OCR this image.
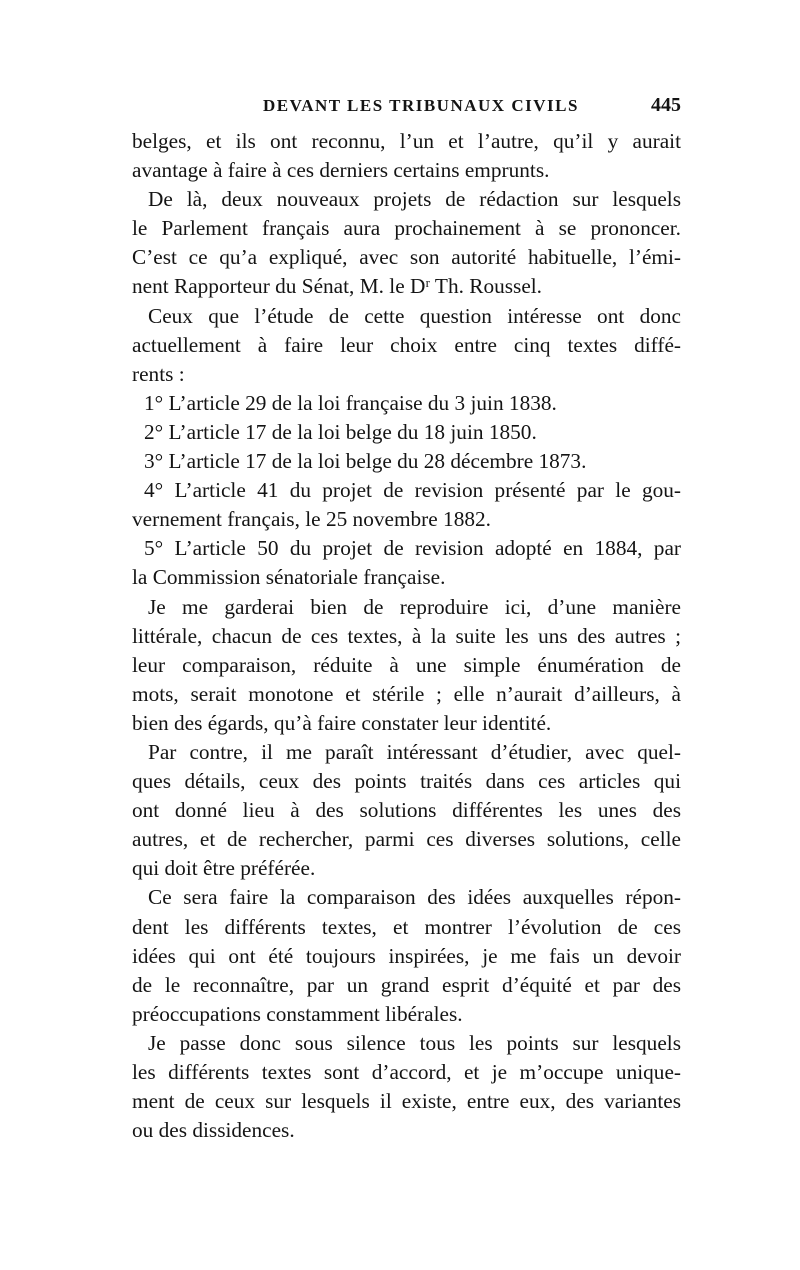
DEVANT LES TRIBUNAUX CIVILS	445
belges, et ils ont reconnu, l’un et l’autre, qu’il y aurait
avantage à faire à ces derniers certains emprunts.
De là, deux nouveaux projets de rédaction sur lesquels
le Parlement français aura prochainement à se prononcer.
C’est ce qu’a expliqué, avec son autorité habituelle, l’émi-
nent Rapporteur du Sénat, M. le Dʳ Th. Roussel.
Ceux que l’étude de cette question intéresse ont donc
actuellement à faire leur choix entre cinq textes diffé-
rents :
1° L’article 29 de la loi française du 3 juin 1838.
2° L’article 17 de la loi belge du 18 juin 1850.
3° L’article 17 de la loi belge du 28 décembre 1873.
4° L’article 41 du projet de revision présenté par le gou-
vernement français, le 25 novembre 1882.
5° L’article 50 du projet de revision adopté en 1884, par
la Commission sénatoriale française.
Je me garderai bien de reproduire ici, d’une manière
littérale, chacun de ces textes, à la suite les uns des autres ;
leur comparaison, réduite à une simple énumération de
mots, serait monotone et stérile ; elle n’aurait d’ailleurs, à
bien des égards, qu’à faire constater leur identité.
Par contre, il me paraît intéressant d’étudier, avec quel-
ques détails, ceux des points traités dans ces articles qui
ont donné lieu à des solutions différentes les unes des
autres, et de rechercher, parmi ces diverses solutions, celle
qui doit être préférée.
Ce sera faire la comparaison des idées auxquelles répon-
dent les différents textes, et montrer l’évolution de ces
idées qui ont été toujours inspirées, je me fais un devoir
de le reconnaître, par un grand esprit d’équité et par des
préoccupations constamment libérales.
Je passe donc sous silence tous les points sur lesquels
les différents textes sont d’accord, et je m’occupe unique-
ment de ceux sur lesquels il existe, entre eux, des variantes
ou des dissidences.
